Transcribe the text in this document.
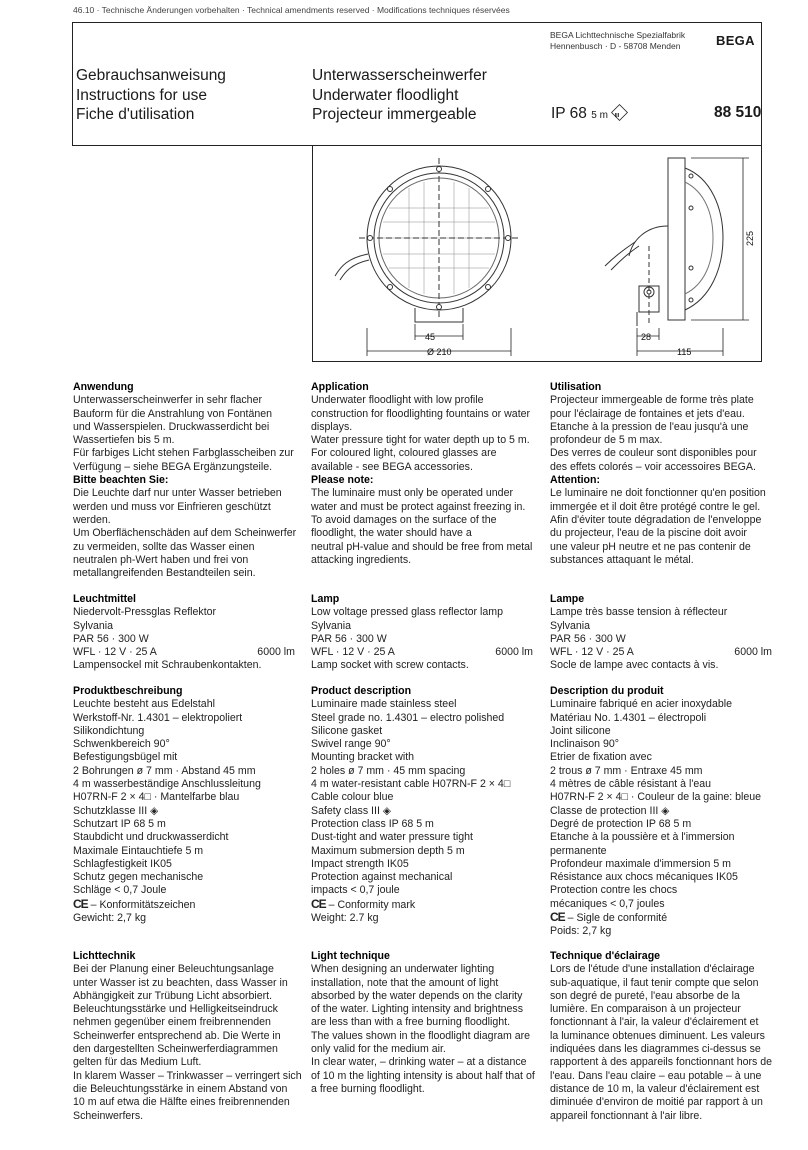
46.10 · Technische Änderungen vorbehalten · Technical amendments reserved · Modifications techniques réservées
BEGA Lichttechnische Spezialfabrik
Hennenbusch · D - 58708 Menden	BEGA
Gebrauchsanweisung
Instructions for use
Fiche d'utilisation
Unterwasserscheinwerfer
Underwater floodlight
Projecteur immergeable	IP 68 5 m III	88 510
45
Ø 210
28
115
225
Anwendung
Unterwasserscheinwerfer in sehr flacher
Bauform für die Anstrahlung von Fontänen
und Wasserspielen. Druckwasserdicht bei
Wassertiefen bis 5 m.
Für farbiges Licht stehen Farbglasscheiben zur
Verfügung – siehe BEGA Ergänzungsteile.
Bitte beachten Sie:
Die Leuchte darf nur unter Wasser betrieben
werden und muss vor Einfrieren geschützt
werden.
Um Oberflächenschäden auf dem Scheinwerfer
zu vermeiden, sollte das Wasser einen
neutralen ph-Wert haben und frei von
metallangreifenden Bestandteilen sein.
Leuchtmittel
Niedervolt-Pressglas Reflektor
Sylvania
PAR 56 · 300 W
WFL · 12 V · 25 A	6000 lm
Lampensockel mit Schraubenkontakten.
Produktbeschreibung
Leuchte besteht aus Edelstahl
Werkstoff-Nr. 1.4301 – elektropoliert
Silikondichtung
Schwenkbereich 90°
Befestigungsbügel mit
2 Bohrungen ø 7 mm · Abstand 45 mm
4 m wasserbeständige Anschlussleitung
H07RN-F 2 × 4□ · Mantelfarbe blau
Schutzklasse III ◈
Schutzart IP 68 5 m
Staubdicht und druckwasserdicht
Maximale Eintauchtiefe 5 m
Schlagfestigkeit IK05
Schutz gegen mechanische
Schläge < 0,7 Joule
CE – Konformitätszeichen
Gewicht: 2,7 kg
Lichttechnik
Bei der Planung einer Beleuchtungsanlage
unter Wasser ist zu beachten, dass Wasser in
Abhängigkeit zur Trübung Licht absorbiert.
Beleuchtungsstärke und Helligkeitseindruck
nehmen gegenüber einem freibrennenden
Scheinwerfer entsprechend ab. Die Werte in
den dargestellten Scheinwerferdiagrammen
gelten für das Medium Luft.
In klarem Wasser – Trinkwasser – verringert sich
die Beleuchtungsstärke in einem Abstand von
10 m auf etwa die Hälfte eines freibrennenden
Scheinwerfers.
Application
Underwater floodlight with low profile
construction for floodlighting fountains or water
displays.
Water pressure tight for water depth up to 5 m.
For coloured light, coloured glasses are
available - see BEGA accessories.
Please note:
The luminaire must only be operated under
water and must be protect against freezing in.
To avoid damages on the surface of the
floodlight, the water should have a
neutral pH-value and should be free from metal
attacking ingredients.
Lamp
Low voltage pressed glass reflector lamp
Sylvania
PAR 56 · 300 W
WFL · 12 V · 25 A	6000 lm
Lamp socket with screw contacts.
Product description
Luminaire made stainless steel
Steel grade no. 1.4301 – electro polished
Silicone gasket
Swivel range 90°
Mounting bracket with
2 holes ø 7 mm · 45 mm spacing
4 m water-resistant cable H07RN-F 2 × 4□
Cable colour blue
Safety class III ◈
Protection class IP 68 5 m
Dust-tight and water pressure tight
Maximum submersion depth 5 m
Impact strength IK05
Protection against mechanical
impacts < 0,7 joule
CE – Conformity mark
Weight: 2.7 kg
Light technique
When designing an underwater lighting
installation, note that the amount of light
absorbed by the water depends on the clarity
of the water. Lighting intensity and brightness
are less than with a free burning floodlight.
The values shown in the floodlight diagram are
only valid for the medium air.
In clear water, – drinking water – at a distance
of 10 m the lighting intensity is about half that of
a free burning floodlight.
Utilisation
Projecteur immergeable de forme très plate
pour l'éclairage de fontaines et jets d'eau.
Etanche à la pression de l'eau jusqu'à une
profondeur de 5 m max.
Des verres de couleur sont disponibles pour
des effets colorés – voir accessoires BEGA.
Attention:
Le luminaire ne doit fonctionner qu'en position
immergée et il doit être protégé contre le gel.
Afin d'éviter toute dégradation de l'enveloppe
du projecteur, l'eau de la piscine doit avoir
une valeur pH neutre et ne pas contenir de
substances attaquant le métal.
Lampe
Lampe très basse tension à réflecteur
Sylvania
PAR 56 · 300 W
WFL · 12 V · 25 A	6000 lm
Socle de lampe avec contacts à vis.
Description du produit
Luminaire fabriqué en acier inoxydable
Matériau No. 1.4301 – électropoli
Joint silicone
Inclinaison 90°
Etrier de fixation avec
2 trous ø 7 mm · Entraxe 45 mm
4 mètres de câble résistant à l'eau
H07RN-F 2 × 4□ · Couleur de la gaine: bleue
Classe de protection III ◈
Degré de protection IP 68 5 m
Etanche à la poussière et à l'immersion
permanente
Profondeur maximale d'immersion 5 m
Résistance aux chocs mécaniques IK05
Protection contre les chocs
mécaniques < 0,7 joules
CE – Sigle de conformité
Poids: 2,7 kg
Technique d'éclairage
Lors de l'étude d'une installation d'éclairage
sub-aquatique, il faut tenir compte que selon
son degré de pureté, l'eau absorbe de la
lumière. En comparaison à un projecteur
fonctionnant à l'air, la valeur d'éclairement et
la luminance obtenues diminuent. Les valeurs
indiquées dans les diagrammes ci-dessus se
rapportent à des appareils fonctionnant hors de
l'eau. Dans l'eau claire – eau potable – à une
distance de 10 m, la valeur d'éclairement est
diminuée d'environ de moitié par rapport à un
appareil fonctionnant à l'air libre.
